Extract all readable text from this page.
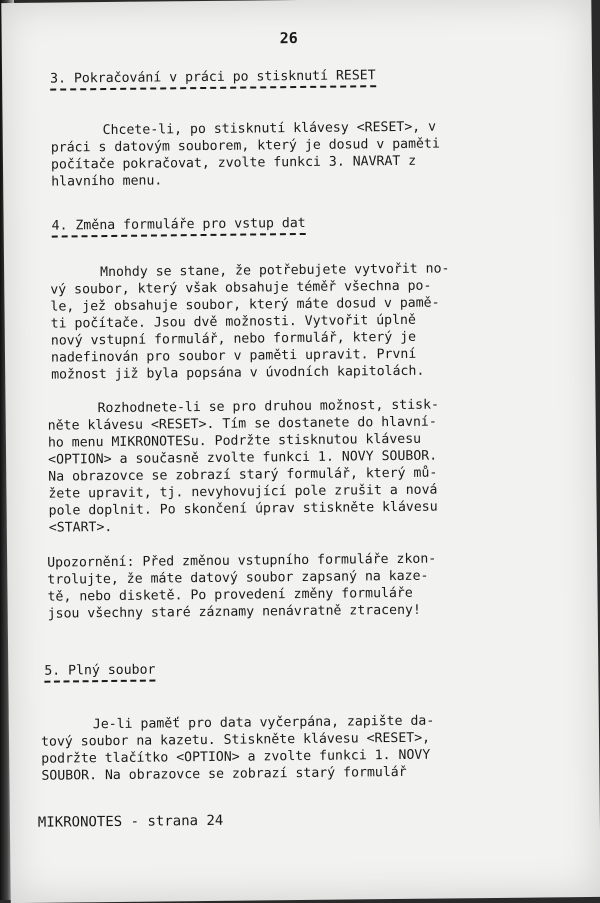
26
3. Pokračování v práci po stisknutí RESET
Chcete-li, po stisknutí klávesy <RESET>, v
práci s datovým souborem, který je dosud v paměti
počítače pokračovat, zvolte funkci 3. NAVRAT z
hlavního menu.
4. Změna formuláře pro vstup dat
Mnohdy se stane, že potřebujete vytvořit no-
vý soubor, který však obsahuje téměř všechna po-
le, jež obsahuje soubor, který máte dosud v pamě-
ti počítače. Jsou dvě možnosti. Vytvořit úplně
nový vstupní formulář, nebo formulář, který je
nadefinován pro soubor v paměti upravit. První
možnost již byla popsána v úvodních kapitolách.
Rozhodnete-li se pro druhou možnost, stisk-
něte klávesu <RESET>. Tím se dostanete do hlavní-
ho menu MIKRONOTESu. Podržte stisknutou klávesu
<OPTION> a současně zvolte funkci 1. NOVY SOUBOR.
Na obrazovce se zobrazí starý formulář, který mů-
žete upravit, tj. nevyhovující pole zrušit a nová
pole doplnit. Po skončení úprav stiskněte klávesu
<START>.
Upozornění: Před změnou vstupního formuláře zkon-
trolujte, že máte datový soubor zapsaný na kaze-
tě, nebo disketě. Po provedení změny formuláře
jsou všechny staré záznamy nenávratně ztraceny!
5. Plný soubor
Je-li paměť pro data vyčerpána, zapište da-
tový soubor na kazetu. Stiskněte klávesu <RESET>,
podržte tlačítko <OPTION> a zvolte funkci 1. NOVY
SOUBOR. Na obrazovce se zobrazí starý formulář
MIKRONOTES - strana 24
